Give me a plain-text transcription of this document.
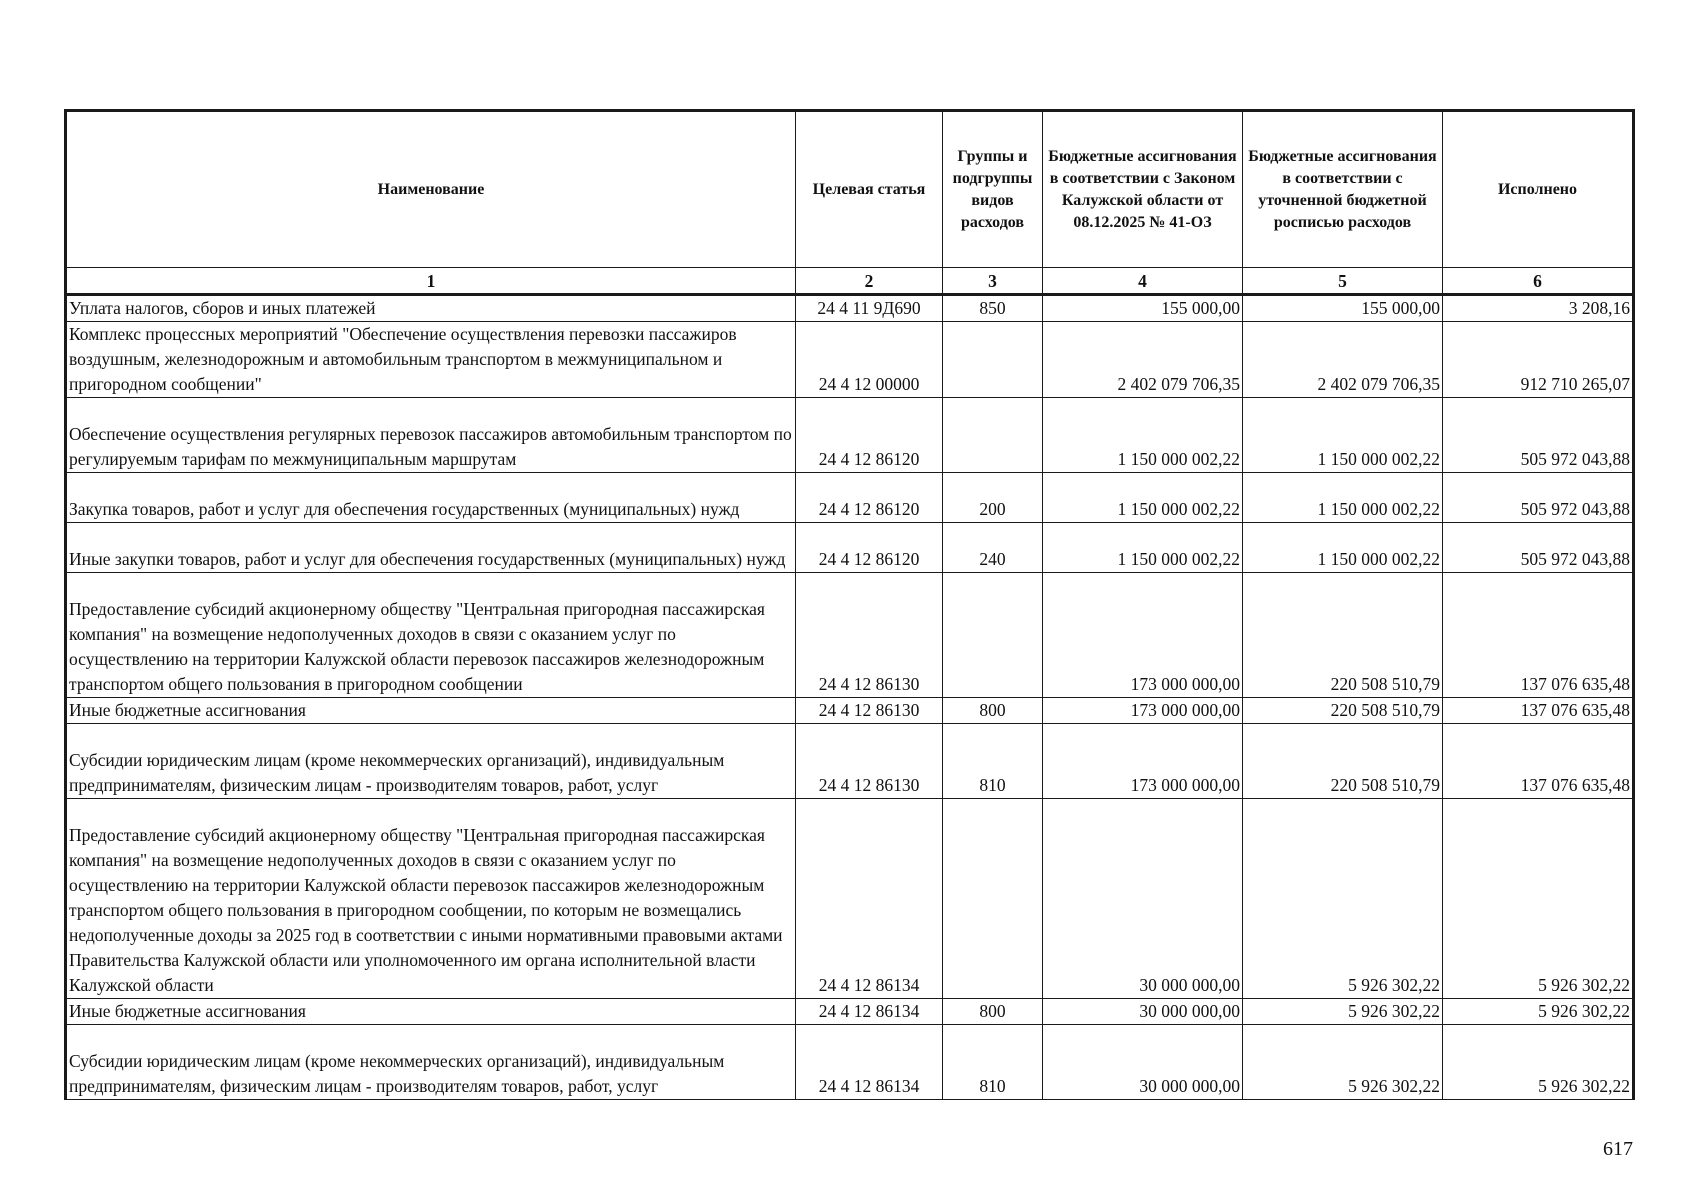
Наименование	Целевая статья	Группы и подгруппы видов расходов	Бюджетные ассигнования в соответствии с Законом Калужской области от 08.12.2025 № 41-ОЗ	Бюджетные ассигнования в соответствии с уточненной бюджетной росписью расходов	Исполнено
1	2	3	4	5	6
Уплата налогов, сборов и иных платежей	24 4 11 9Д690	850	155 000,00	155 000,00	3 208,16
Комплекс процессных мероприятий "Обеспечение осуществления перевозки пассажиров воздушным, железнодорожным и автомобильным транспортом в межмуниципальном и пригородном сообщении"	24 4 12 00000		2 402 079 706,35	2 402 079 706,35	912 710 265,07
Обеспечение осуществления регулярных перевозок пассажиров автомобильным транспортом по регулируемым тарифам по межмуниципальным маршрутам	24 4 12 86120		1 150 000 002,22	1 150 000 002,22	505 972 043,88
Закупка товаров, работ и услуг для обеспечения государственных (муниципальных) нужд	24 4 12 86120	200	1 150 000 002,22	1 150 000 002,22	505 972 043,88
Иные закупки товаров, работ и услуг для обеспечения государственных (муниципальных) нужд	24 4 12 86120	240	1 150 000 002,22	1 150 000 002,22	505 972 043,88
Предоставление субсидий акционерному обществу "Центральная пригородная пассажирская компания" на возмещение недополученных доходов в связи с оказанием услуг по осуществлению на территории Калужской области перевозок пассажиров железнодорожным транспортом общего пользования в пригородном сообщении	24 4 12 86130		173 000 000,00	220 508 510,79	137 076 635,48
Иные бюджетные ассигнования	24 4 12 86130	800	173 000 000,00	220 508 510,79	137 076 635,48
Субсидии юридическим лицам (кроме некоммерческих организаций), индивидуальным предпринимателям, физическим лицам - производителям товаров, работ, услуг	24 4 12 86130	810	173 000 000,00	220 508 510,79	137 076 635,48
Предоставление субсидий акционерному обществу "Центральная пригородная пассажирская компания" на возмещение недополученных доходов в связи с оказанием услуг по осуществлению на территории Калужской области перевозок пассажиров железнодорожным транспортом общего пользования в пригородном сообщении, по которым не возмещались недополученные доходы за 2025 год в соответствии с иными нормативными правовыми актами Правительства Калужской области или уполномоченного им органа исполнительной власти Калужской области	24 4 12 86134		30 000 000,00	5 926 302,22	5 926 302,22
Иные бюджетные ассигнования	24 4 12 86134	800	30 000 000,00	5 926 302,22	5 926 302,22
Субсидии юридическим лицам (кроме некоммерческих организаций), индивидуальным предпринимателям, физическим лицам - производителям товаров, работ, услуг	24 4 12 86134	810	30 000 000,00	5 926 302,22	5 926 302,22
617
